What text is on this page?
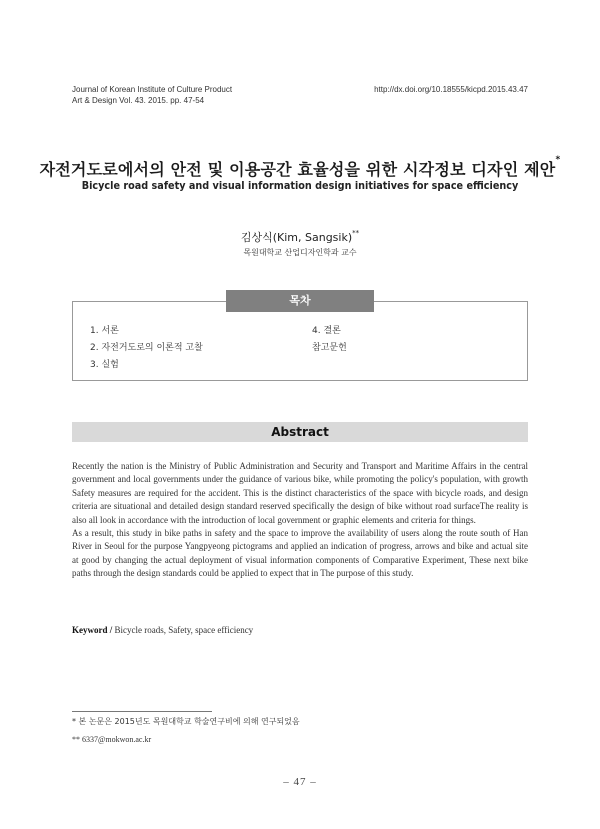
Journal of Korean Institute of Culture Product
Art & Design Vol. 43. 2015. pp. 47-54
http://dx.doi.org/10.18555/kicpd.2015.43.47
자전거도로에서의 안전 및 이용공간 효율성을 위한 시각정보 디자인 제안*
Bicycle road safety and visual information design initiatives for space efficiency
김상식(Kim, Sangsik)**
목원대학교 산업디자인학과 교수
목차
1. 서론
2. 자전거도로의 이론적 고찰
3. 실험
4. 결론
참고문헌
Abstract

Recently the nation is the Ministry of Public Administration and Security and Transport and Maritime Affairs in the central government and local governments under the guidance of various bike, while promoting the policy's population, with growth Safety measures are required for the accident. This is the distinct characteristics of the space with bicycle roads, and design criteria are situational and detailed design standard reserved specifically the design of bike without road surfaceThe reality is also all look in accordance with the introduction of local government or graphic elements and criteria for things.

As a result, this study in bike paths in safety and the space to improve the availability of users along the route south of Han River in Seoul for the purpose Yangpyeong pictograms and applied an indication of progress, arrows and bike and actual site at good by changing the actual deployment of visual information components of Comparative Experiment, These next bike paths through the design standards could be applied to expect that in The purpose of this study.

Keyword / Bicycle roads, Safety, space efficiency
* 본 논문은 2015년도 목원대학교 학술연구비에 의해 연구되었음
** 6337@mokwon.ac.kr
– 47 –
